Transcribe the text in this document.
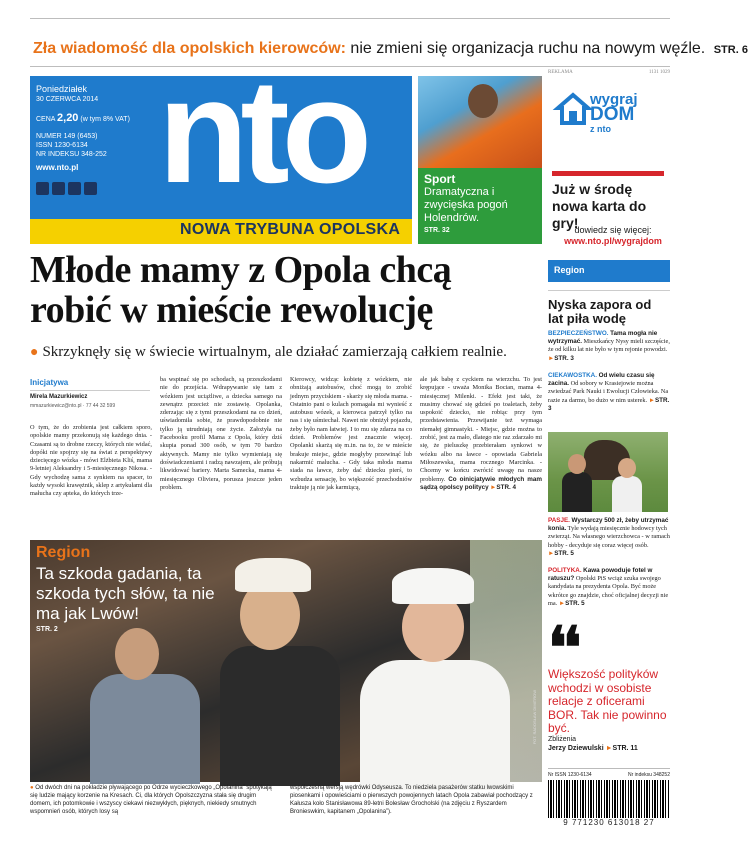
Zła wiadomość dla opolskich kierowców: nie zmieni się organizacja ruchu na nowym węźle. STR. 6
Poniedziałek
30 CZERWCA 2014
CENA 2,20 (w tym 8% VAT)
NUMER 149 (6453)
ISSN 1230-6134
NR INDEKSU 348-252
www.nto.pl nto
NOWA TRYBUNA OPOLSKA
Sport
Dramatyczna i zwycięska pogoń Holendrów.
STR. 32
REKLAMA	1131 1029
wygraj
DOM
z nto
Już w środę nowa karta do gry!
dowiedz się więcej:
www.nto.pl/wygrajdom
Młode mamy z Opola chcą robić w mieście rewolucję
● Skrzyknęły się w świecie wirtualnym, ale działać zamierzają całkiem realnie.
Inicjatywa
Mirela Mazurkiewicz
mmazurkiewicz@nto.pl · 77 44 32 599
O tym, że do zrobienia jest całkiem sporo, opolskie mamy przekonują się każdego dnia. - Czasami są to drobne rzeczy, których nie widać, dopóki nie spojrzy się na świat z perspektywy dziecięcego wózka - mówi Elżbieta Kliś, mama 9-letniej Aleksandry i 5-miesięcznego Nikosa. - Gdy wychodzę sama z synkiem na spacer, to każdy wysoki krawężnik, sklep z artykułami dla małucha czy apteka, do których trze-
ba wspinać się po schodach, są przeszkodami nie do przejścia. Wdrapywanie się tam z wózkiem jest uciążliwe, a dziecka samego na zewnątrz przecież nie zostawię. Opolanka, zderzając się z tymi przeszkodami na co dzień, uświadomiła sobie, że prawdopodobnie nie tylko ją utrudniają one życie. Założyła na Facebooku profil Mama z Opola, który dziś skupia ponad 300 osób, w tym 70 bardzo aktywnych. Mamy nie tylko wymieniają się doświadczeniami i radzą nawzajem, ale próbują likwidować bariery. Marta Samecka, mama 4-miesięcznego Oliviera, porusza jeszcze jeden problem.
Kierowcy, widząc kobietę z wózkiem, nie obniżają autobusów, choć mogą to zrobić jednym przyciskiem - skarży się młoda mama. - Ostatnio pani o kulach pomagała mi wynieść z autobusu wózek, a kierowca patrzył tylko na nas i się uśmiechał. Nawet nie obniżył pojazdu, żeby było nam łatwiej. I to mu się zdarza na co dzień. Problemów jest znacznie więcej. Opolanki skarżą się m.in. na to, że w mieście brakuje miejsc, gdzie mogłyby przewinąć lub nakarmić malucha. - Gdy taka młoda mama siada na ławce, żeby dać dziecku pierś, to wzbudza sensację, bo większość przechodniów traktuje ją nie jak karmiącą,
ale jak babę z cyckiem na wierzchu. To jest krępujące - uważa Monika Bocian, mama 4-miesięcznej Milenki. - Efekt jest taki, że musimy chować się gdzieś po toaletach, żeby uspokoić dziecko, nie robiąc przy tym przedstawienia. Przewijanie też wymaga niemałej gimnastyki. - Miejsc, gdzie można to zrobić, jest za mało, dlatego nie raz zdarzało mi się, że pieluszkę przebierałam synkowi w wózku albo na ławce - opowiada Gabriela Miłoszewska, mama rocznego Marcinka. - Chcemy w końcu zwrócić uwagę na nasze problemy. Co oinicjatywie młodych mam sądzą opolscy politycy ►STR. 4
Region
Ta szkoda gadania, ta szkoda tych słów, ta nie ma jak Lwów!
STR. 2
FOT. RADOSŁAW DIMITROW
● Od dwóch dni na pokładzie pływającego po Odrze wycieczkowego „Opolanina” spotykają się ludzie mający korzenie na Kresach. Ci, dla których Opolszczyzna stała się drugim domem, ich potomkowie i wszyscy ciekawi niezwykłych, pięknych, niekiedy smutnych wspomnień osób, których losy są
współczesną wersją wędrówki Odyseusza. To niedziela pasażerów statku lwowskimi piosenkami i opowieściami o pierwszych powojennych latach Opola zabawiał pochodzący z Kałusza koło Stanisławowa 89-letni Bolesław Grocholski (na zdjęciu z Ryszardem Bronieswkim, kapitanem „Opolanina”).
Region
Nyska zapora od lat piła wodę
BEZPIECZEŃSTWO. Tama mogła nie wytrzymać. Mieszkańcy Nysy mieli szczęście, że od kilku lat nie było w tym rejonie powodzi. ►STR. 3
CIEKAWOSTKA. Od wielu czasu się zacina. Od sobory w Krasiejowie można zwiedzać Park Nauki i Ewolucji Człowieka. Na razie za darmo, bo dużo w nim usterek. ►STR. 3
PASJE. Wystarczy 500 zł, żeby utrzymać konia. Tyle wydają miesięcznie hodowcy tych zwierząt. Na własnego wierzchowca - w ramach hobby - decyduje się coraz więcej osób. ►STR. 5
POLITYKA. Kawa powoduje fotel w ratuszu? Opolski PiS wciąż szuka swojego kandydata na prezydenta Opola. Być może wkrótce go znajdzie, choć oficjalnej decyzji nie ma. ►STR. 5
❛❛
Większość polityków wchodzi w osobiste relacje z oficerami BOR. Tak nie powinno być.
Zbliżenia
Jerzy Dziewulski ►STR. 11
Nr ISSN 1230-6134	Nr indeksu 348252
9 771230 613018 27
